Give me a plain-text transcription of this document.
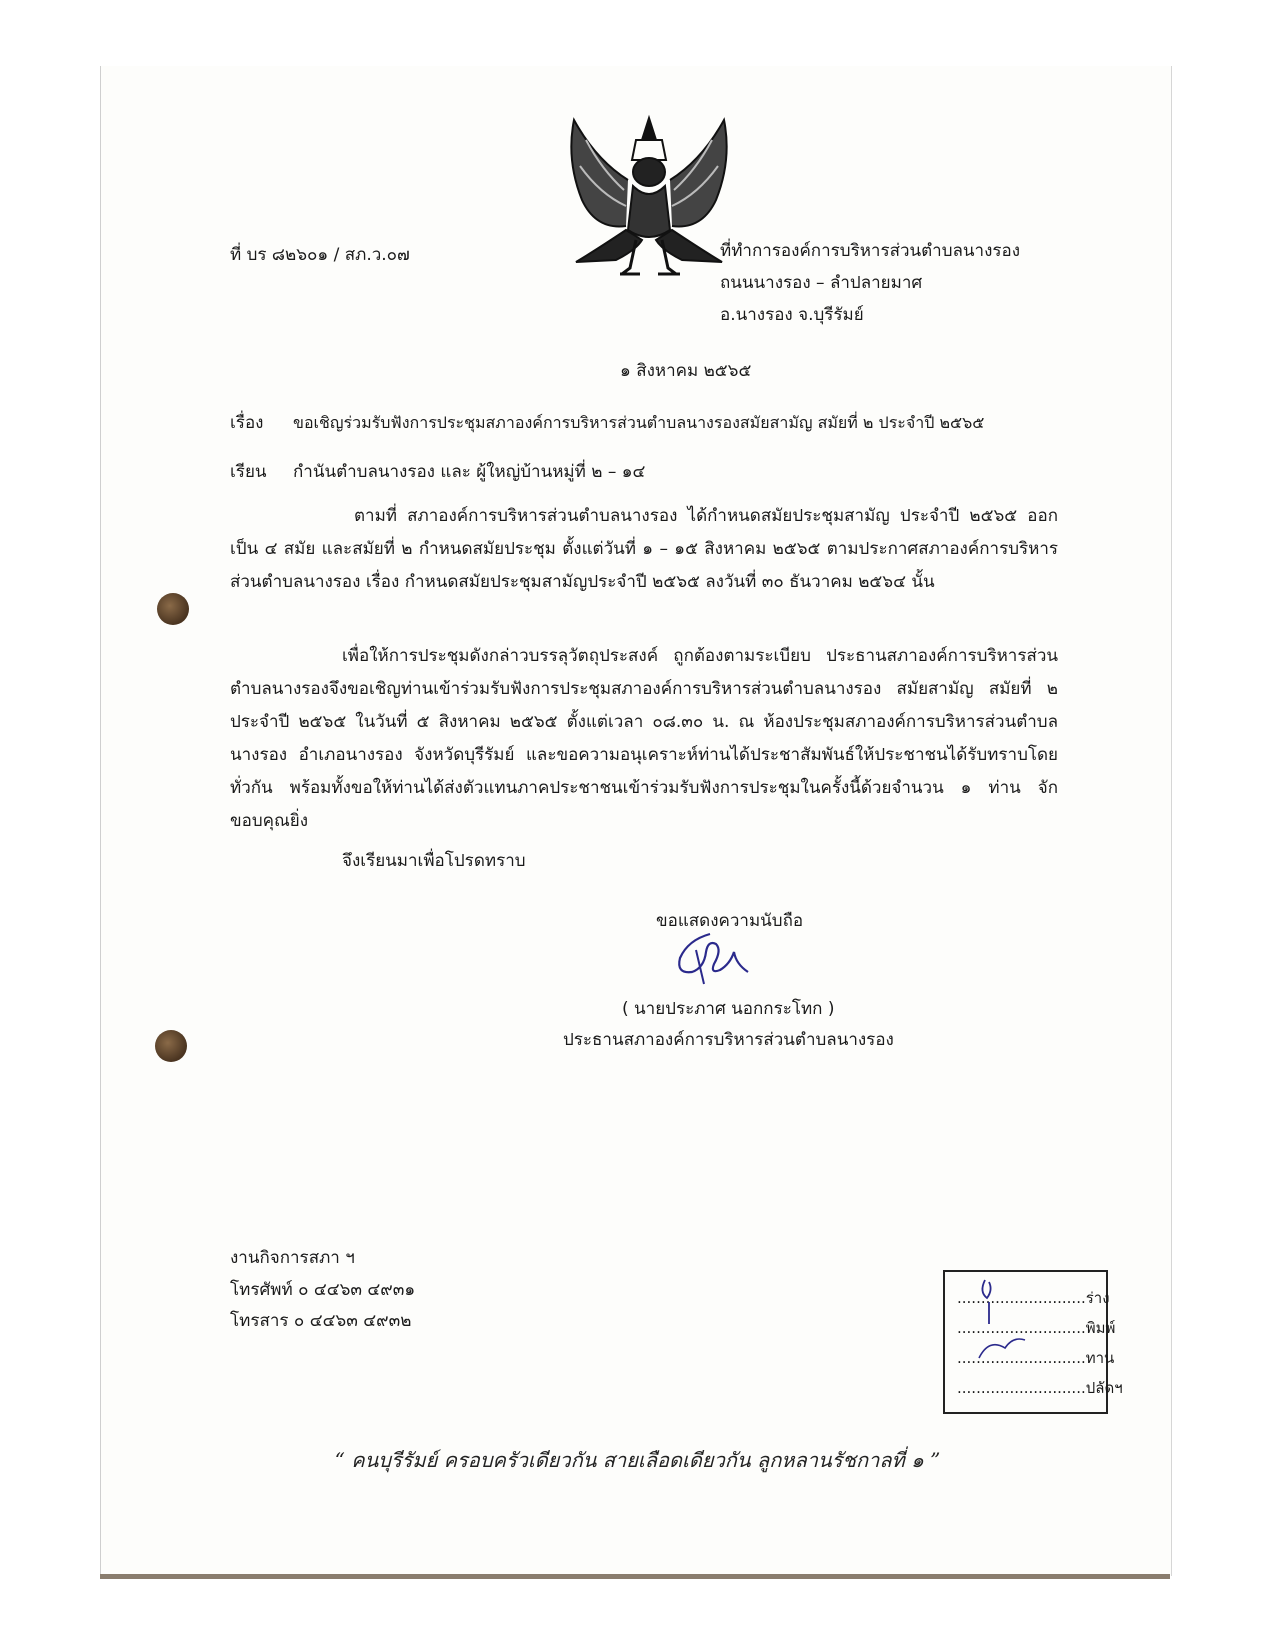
ที่ บร ๘๒๖๐๑ / สภ.ว.๐๗	ที่ทำการองค์การบริหารส่วนตำบลนางรอง
ถนนนางรอง – ลำปลายมาศ
อ.นางรอง จ.บุรีรัมย์
๑ สิงหาคม ๒๕๖๕
เรื่อง ขอเชิญร่วมรับฟังการประชุมสภาองค์การบริหารส่วนตำบลนางรองสมัยสามัญ สมัยที่ ๒ ประจำปี ๒๕๖๕
เรียน กำนันตำบลนางรอง และ ผู้ใหญ่บ้านหมู่ที่ ๒ – ๑๔
ตามที่ สภาองค์การบริหารส่วนตำบลนางรอง ได้กำหนดสมัยประชุมสามัญ ประจำปี ๒๕๖๕ ออกเป็น ๔ สมัย และสมัยที่ ๒ กำหนดสมัยประชุม ตั้งแต่วันที่ ๑ – ๑๕ สิงหาคม ๒๕๖๕ ตามประกาศสภาองค์การบริหารส่วนตำบลนางรอง เรื่อง กำหนดสมัยประชุมสามัญประจำปี ๒๕๖๕ ลงวันที่ ๓๐ ธันวาคม ๒๕๖๔ นั้น
เพื่อให้การประชุมดังกล่าวบรรลุวัตถุประสงค์ ถูกต้องตามระเบียบ ประธานสภาองค์การบริหารส่วนตำบลนางรองจึงขอเชิญท่านเข้าร่วมรับฟังการประชุมสภาองค์การบริหารส่วนตำบลนางรอง สมัยสามัญ สมัยที่ ๒ ประจำปี ๒๕๖๕ ในวันที่ ๕ สิงหาคม ๒๕๖๕ ตั้งแต่เวลา ๐๘.๓๐ น. ณ ห้องประชุมสภาองค์การบริหารส่วนตำบลนางรอง อำเภอนางรอง จังหวัดบุรีรัมย์ และขอความอนุเคราะห์ท่านได้ประชาสัมพันธ์ให้ประชาชนได้รับทราบโดยทั่วกัน พร้อมทั้งขอให้ท่านได้ส่งตัวแทนภาคประชาชนเข้าร่วมรับฟังการประชุมในครั้งนี้ด้วยจำนวน ๑ ท่าน จักขอบคุณยิ่ง
จึงเรียนมาเพื่อโปรดทราบ
ขอแสดงความนับถือ
( นายประภาศ นอกกระโทก )
ประธานสภาองค์การบริหารส่วนตำบลนางรอง
งานกิจการสภา ฯ
โทรศัพท์ ๐ ๔๔๖๓ ๔๙๓๑
โทรสาร ๐ ๔๔๖๓ ๔๙๓๒
...........................ร่าง
...........................พิมพ์
...........................ทาน
...........................ปลัดฯ
“ คนบุรีรัมย์ ครอบครัวเดียวกัน สายเลือดเดียวกัน ลูกหลานรัชกาลที่ ๑ ”
